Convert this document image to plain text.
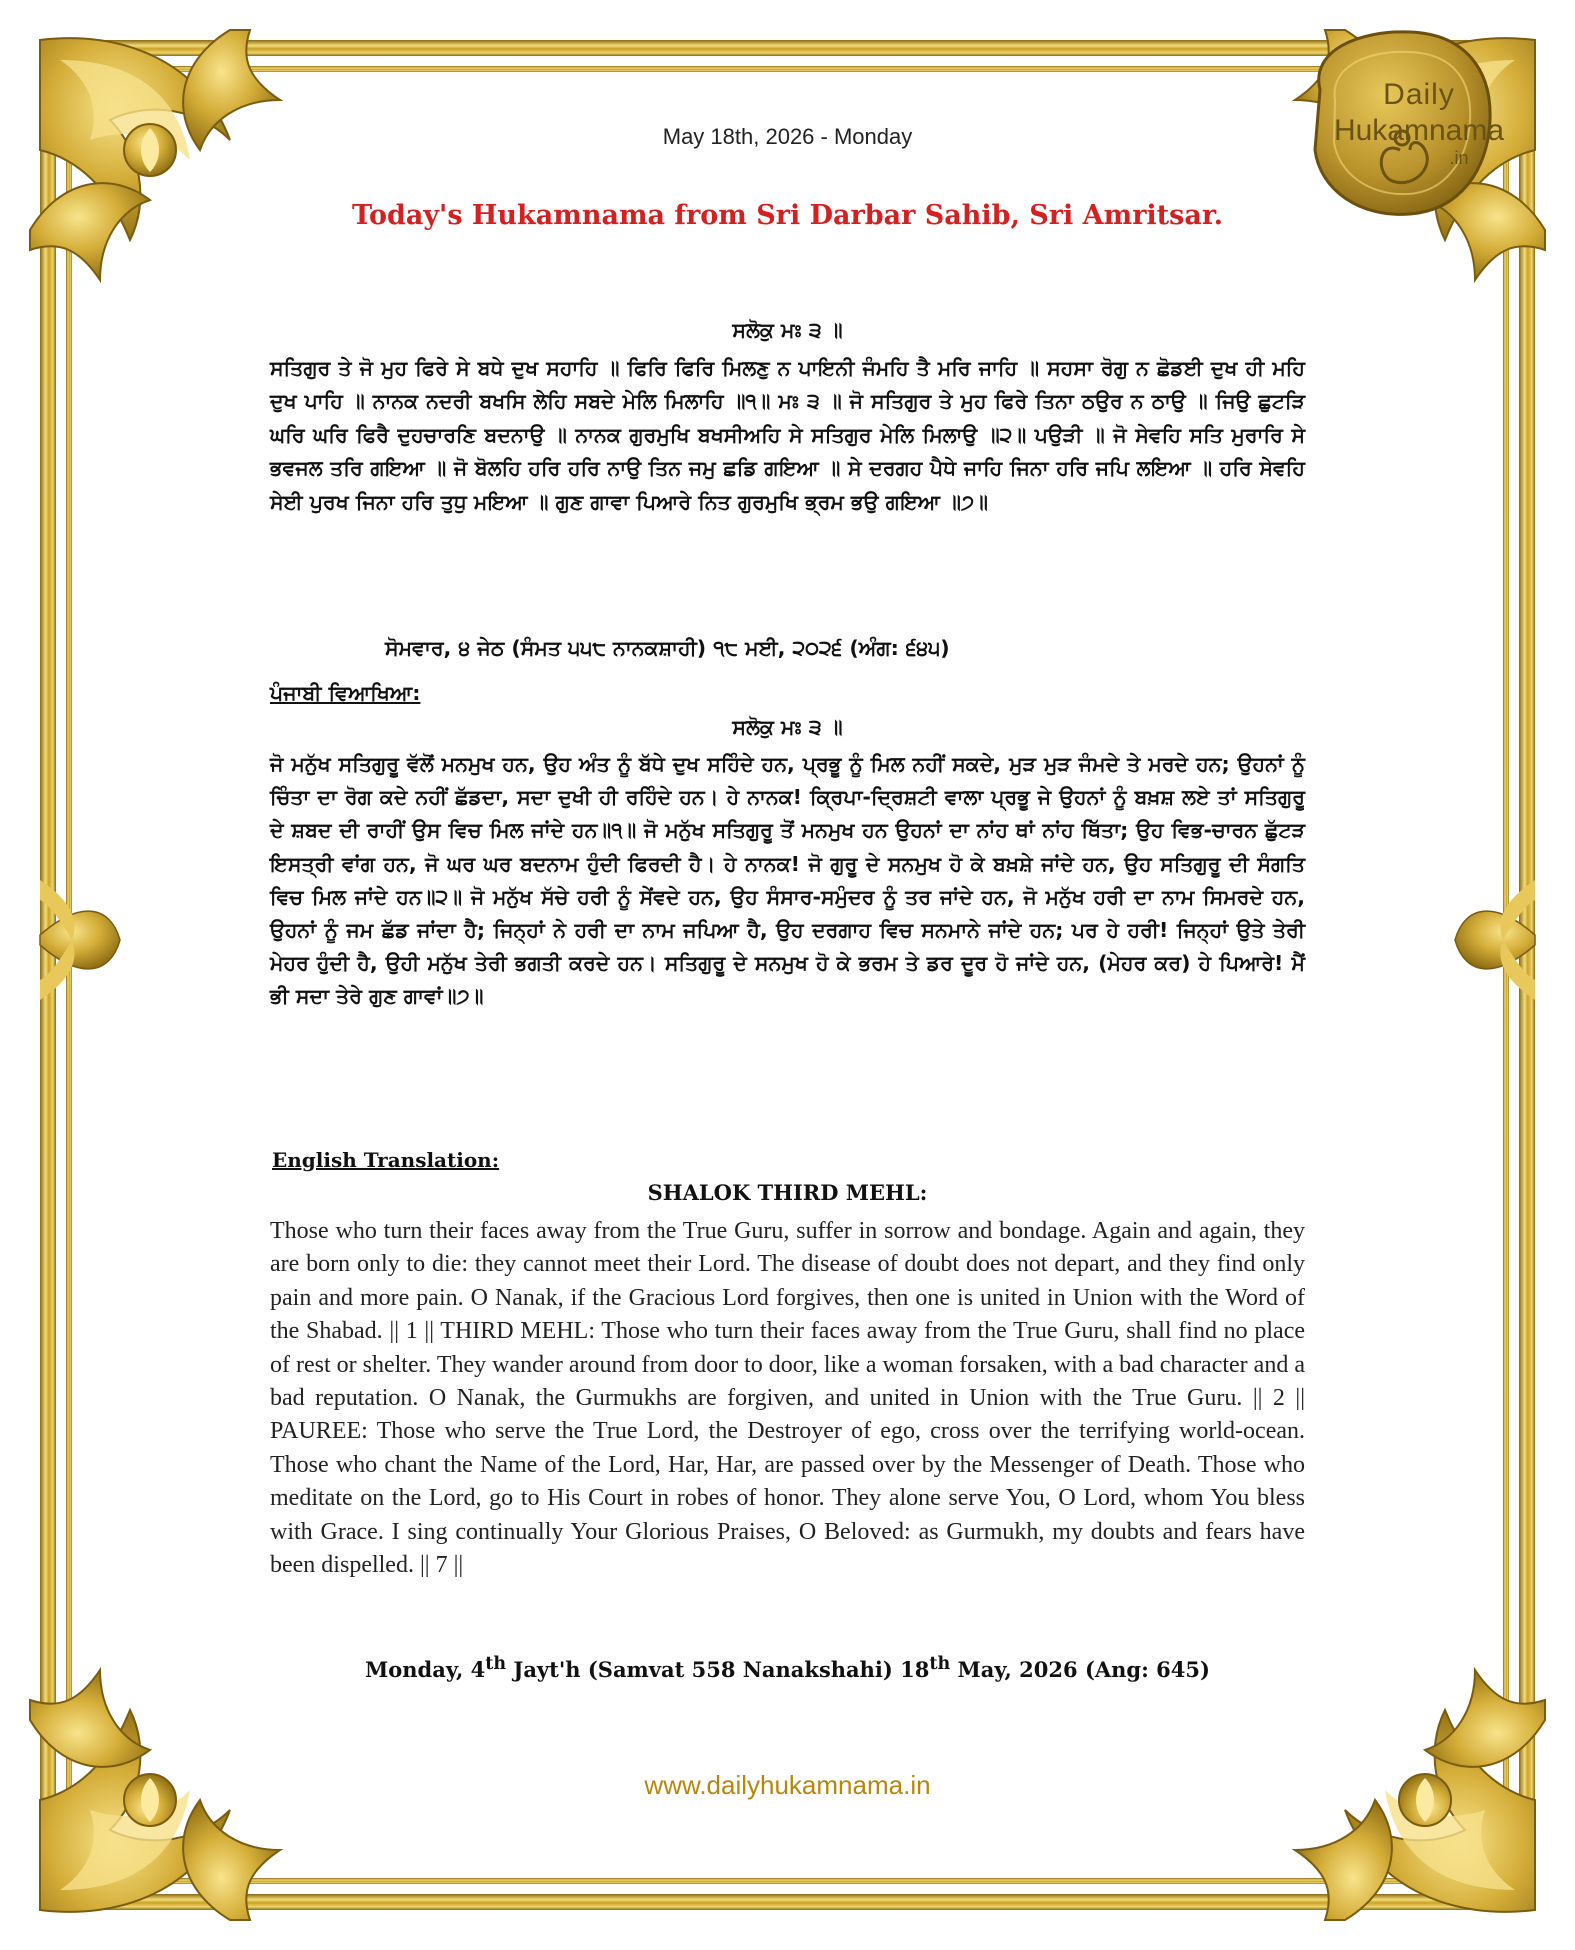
Daily
Hukamnama
.in
May 18th, 2026 - Monday
Today's Hukamnama from Sri Darbar Sahib, Sri Amritsar.
ਸਲੋਕੁ ਮਃ ੩ ॥
ਸਤਿਗੁਰ ਤੇ ਜੋ ਮੁਹ ਫਿਰੇ ਸੇ ਬਧੇ ਦੁਖ ਸਹਾਹਿ ॥ ਫਿਰਿ ਫਿਰਿ ਮਿਲਣੁ ਨ ਪਾਇਨੀ ਜੰਮਹਿ ਤੈ ਮਰਿ ਜਾਹਿ ॥ ਸਹਸਾ ਰੋਗੁ ਨ ਛੋਡਈ ਦੁਖ ਹੀ ਮਹਿ ਦੁਖ ਪਾਹਿ ॥ ਨਾਨਕ ਨਦਰੀ ਬਖਸਿ ਲੇਹਿ ਸਬਦੇ ਮੇਲਿ ਮਿਲਾਹਿ ॥੧॥ ਮਃ ੩ ॥ ਜੋ ਸਤਿਗੁਰ ਤੇ ਮੁਹ ਫਿਰੇ ਤਿਨਾ ਠਉਰ ਨ ਠਾਉ ॥ ਜਿਉ ਛੁਟੜਿ ਘਰਿ ਘਰਿ ਫਿਰੈ ਦੁਹਚਾਰਣਿ ਬਦਨਾਉ ॥ ਨਾਨਕ ਗੁਰਮੁਖਿ ਬਖਸੀਅਹਿ ਸੇ ਸਤਿਗੁਰ ਮੇਲਿ ਮਿਲਾਉ ॥੨॥ ਪਉੜੀ ॥ ਜੋ ਸੇਵਹਿ ਸਤਿ ਮੁਰਾਰਿ ਸੇ ਭਵਜਲ ਤਰਿ ਗਇਆ ॥ ਜੋ ਬੋਲਹਿ ਹਰਿ ਹਰਿ ਨਾਉ ਤਿਨ ਜਮੁ ਛਡਿ ਗਇਆ ॥ ਸੇ ਦਰਗਹ ਪੈਧੇ ਜਾਹਿ ਜਿਨਾ ਹਰਿ ਜਪਿ ਲਇਆ ॥ ਹਰਿ ਸੇਵਹਿ ਸੇਈ ਪੁਰਖ ਜਿਨਾ ਹਰਿ ਤੁਧੁ ਮਇਆ ॥ ਗੁਣ ਗਾਵਾ ਪਿਆਰੇ ਨਿਤ ਗੁਰਮੁਖਿ ਭ੍ਰਮ ਭਉ ਗਇਆ ॥੭॥
ਸੋਮਵਾਰ, ੪ ਜੇਠ (ਸੰਮਤ ੫੫੮ ਨਾਨਕਸ਼ਾਹੀ) ੧੮ ਮਈ, ੨੦੨੬ (ਅੰਗ: ੬੪੫)
ਪੰਜਾਬੀ ਵਿਆਖਿਆ:
ਸਲੋਕੁ ਮਃ ੩ ॥
ਜੋ ਮਨੁੱਖ ਸਤਿਗੁਰੂ ਵੱਲੋਂ ਮਨਮੁਖ ਹਨ, ਉਹ ਅੰਤ ਨੂੰ ਬੱਧੇ ਦੁਖ ਸਹਿੰਦੇ ਹਨ, ਪ੍ਰਭੂ ਨੂੰ ਮਿਲ ਨਹੀਂ ਸਕਦੇ, ਮੁੜ ਮੁੜ ਜੰਮਦੇ ਤੇ ਮਰਦੇ ਹਨ; ਉਹਨਾਂ ਨੂੰ ਚਿੰਤਾ ਦਾ ਰੋਗ ਕਦੇ ਨਹੀਂ ਛੱਡਦਾ, ਸਦਾ ਦੁਖੀ ਹੀ ਰਹਿੰਦੇ ਹਨ। ਹੇ ਨਾਨਕ! ਕ੍ਰਿਪਾ-ਦ੍ਰਿਸ਼ਟੀ ਵਾਲਾ ਪ੍ਰਭੂ ਜੇ ਉਹਨਾਂ ਨੂੰ ਬਖ਼ਸ਼ ਲਏ ਤਾਂ ਸਤਿਗੁਰੂ ਦੇ ਸ਼ਬਦ ਦੀ ਰਾਹੀਂ ਉਸ ਵਿਚ ਮਿਲ ਜਾਂਦੇ ਹਨ॥੧॥ ਜੋ ਮਨੁੱਖ ਸਤਿਗੁਰੂ ਤੋਂ ਮਨਮੁਖ ਹਨ ਉਹਨਾਂ ਦਾ ਨਾਂਹ ਥਾਂ ਨਾਂਹ ਥਿੱਤਾ; ਉਹ ਵਿਭ-ਚਾਰਨ ਛੁੱਟੜ ਇਸਤ੍ਰੀ ਵਾਂਗ ਹਨ, ਜੋ ਘਰ ਘਰ ਬਦਨਾਮ ਹੁੰਦੀ ਫਿਰਦੀ ਹੈ। ਹੇ ਨਾਨਕ! ਜੋ ਗੁਰੂ ਦੇ ਸਨਮੁਖ ਹੋ ਕੇ ਬਖ਼ਸ਼ੇ ਜਾਂਦੇ ਹਨ, ਉਹ ਸਤਿਗੁਰੂ ਦੀ ਸੰਗਤਿ ਵਿਚ ਮਿਲ ਜਾਂਦੇ ਹਨ॥੨॥ ਜੋ ਮਨੁੱਖ ਸੱਚੇ ਹਰੀ ਨੂੰ ਸੇਂਵਦੇ ਹਨ, ਉਹ ਸੰਸਾਰ-ਸਮੁੰਦਰ ਨੂੰ ਤਰ ਜਾਂਦੇ ਹਨ, ਜੋ ਮਨੁੱਖ ਹਰੀ ਦਾ ਨਾਮ ਸਿਮਰਦੇ ਹਨ, ਉਹਨਾਂ ਨੂੰ ਜਮ ਛੱਡ ਜਾਂਦਾ ਹੈ; ਜਿਨ੍ਹਾਂ ਨੇ ਹਰੀ ਦਾ ਨਾਮ ਜਪਿਆ ਹੈ, ਉਹ ਦਰਗਾਹ ਵਿਚ ਸਨਮਾਨੇ ਜਾਂਦੇ ਹਨ; ਪਰ ਹੇ ਹਰੀ! ਜਿਨ੍ਹਾਂ ਉਤੇ ਤੇਰੀ ਮੇਹਰ ਹੁੰਦੀ ਹੈ, ਉਹੀ ਮਨੁੱਖ ਤੇਰੀ ਭਗਤੀ ਕਰਦੇ ਹਨ। ਸਤਿਗੁਰੂ ਦੇ ਸਨਮੁਖ ਹੋ ਕੇ ਭਰਮ ਤੇ ਡਰ ਦੂਰ ਹੋ ਜਾਂਦੇ ਹਨ, (ਮੇਹਰ ਕਰ) ਹੇ ਪਿਆਰੇ! ਮੈਂ ਭੀ ਸਦਾ ਤੇਰੇ ਗੁਣ ਗਾਵਾਂ॥੭॥
English Translation:
SHALOK THIRD MEHL:
Those who turn their faces away from the True Guru, suffer in sorrow and bondage. Again and again, they are born only to die: they cannot meet their Lord. The disease of doubt does not depart, and they find only pain and more pain. O Nanak, if the Gracious Lord forgives, then one is united in Union with the Word of the Shabad. || 1 || THIRD MEHL: Those who turn their faces away from the True Guru, shall find no place of rest or shelter. They wander around from door to door, like a woman forsaken, with a bad character and a bad reputation. O Nanak, the Gurmukhs are forgiven, and united in Union with the True Guru. || 2 || PAUREE: Those who serve the True Lord, the Destroyer of ego, cross over the terrifying world-ocean. Those who chant the Name of the Lord, Har, Har, are passed over by the Messenger of Death. Those who meditate on the Lord, go to His Court in robes of honor. They alone serve You, O Lord, whom You bless with Grace. I sing continually Your Glorious Praises, O Beloved: as Gurmukh, my doubts and fears have been dispelled. || 7 ||
Monday, 4th Jayt'h (Samvat 558 Nanakshahi) 18th May, 2026 (Ang: 645)
www.dailyhukamnama.in
